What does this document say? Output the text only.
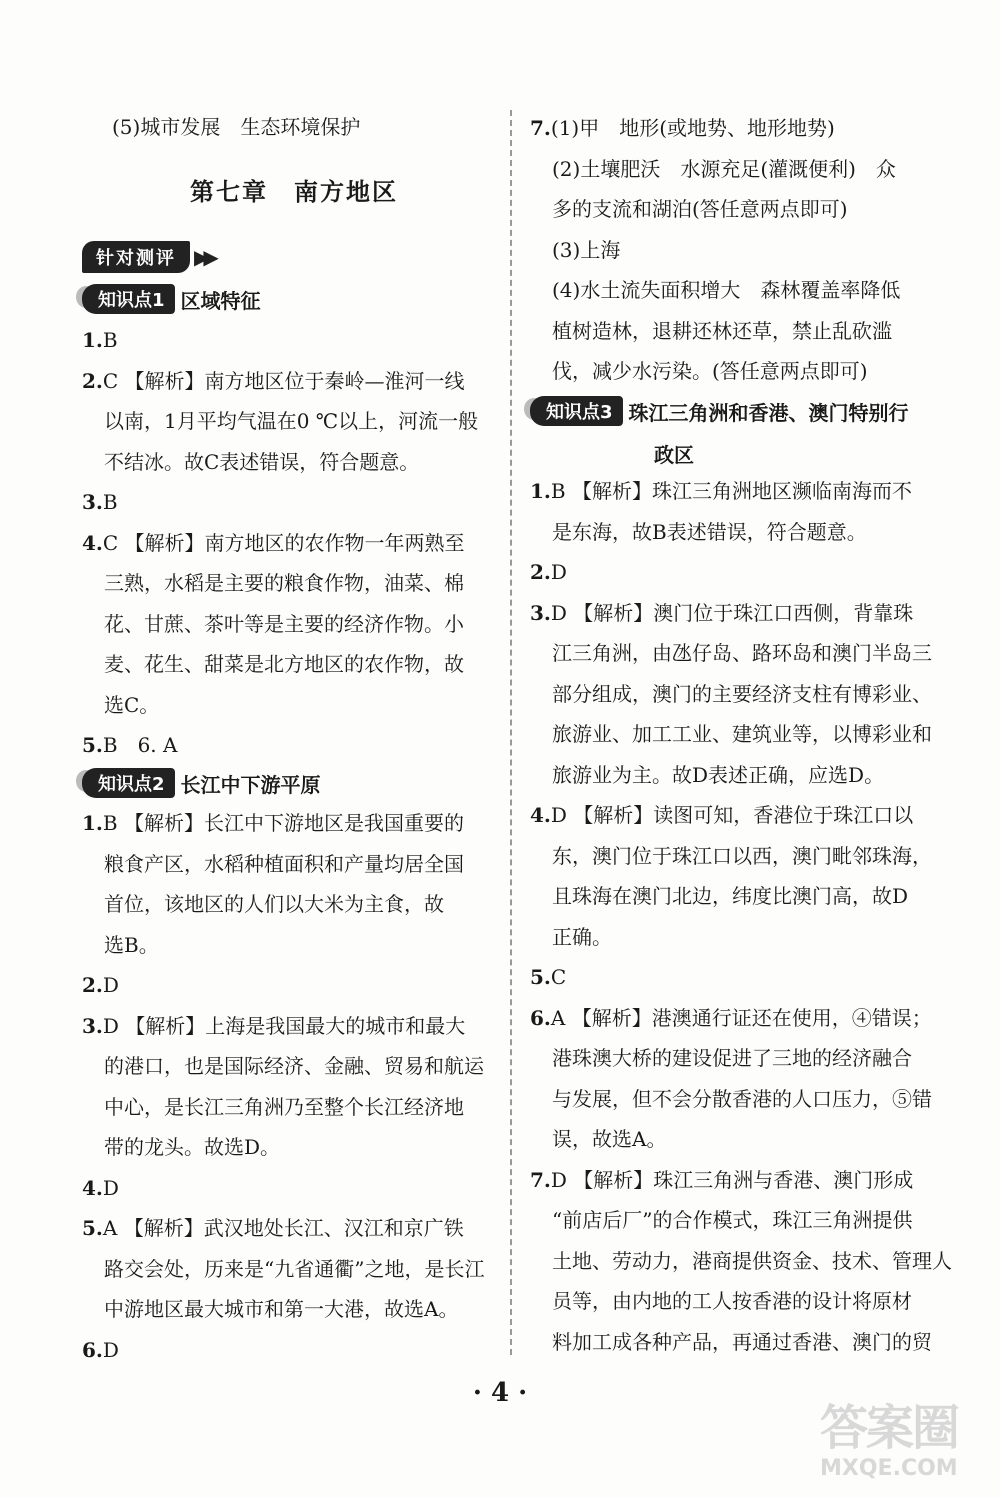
(5)城市发展　生态环境保护
第七章　南方地区
知识点1 区域特征
1.B
2.C 【解析】南方地区位于秦岭—淮河一线
以南，1月平均气温在0 ℃以上，河流一般
不结冰。故C表述错误，符合题意。
3.B
4.C 【解析】南方地区的农作物一年两熟至
三熟，水稻是主要的粮食作物，油菜、棉
花、甘蔗、茶叶等是主要的经济作物。小
麦、花生、甜菜是北方地区的农作物，故
选C。
5.B　6. A
知识点2 长江中下游平原
1.B 【解析】长江中下游地区是我国重要的
粮食产区，水稻种植面积和产量均居全国
首位，该地区的人们以大米为主食，故
选B。
2.D
3.D 【解析】上海是我国最大的城市和最大
的港口，也是国际经济、金融、贸易和航运
中心，是长江三角洲乃至整个长江经济地
带的龙头。故选D。
4.D
5.A 【解析】武汉地处长江、汉江和京广铁
路交会处，历来是“九省通衢”之地，是长江
中游地区最大城市和第一大港，故选A。
6.D
7.(1)甲　地形(或地势、地形地势)
(2)土壤肥沃　水源充足(灌溉便利)　众
多的支流和湖泊(答任意两点即可)
(3)上海
(4)水土流失面积增大　森林覆盖率降低
植树造林，退耕还林还草，禁止乱砍滥
伐，减少水污染。(答任意两点即可)
知识点3 珠江三角洲和香港、澳门特别行
政区
1.B 【解析】珠江三角洲地区濒临南海而不
是东海，故B表述错误，符合题意。
2.D
3.D 【解析】澳门位于珠江口西侧，背靠珠
江三角洲，由氹仔岛、路环岛和澳门半岛三
部分组成，澳门的主要经济支柱有博彩业、
旅游业、加工工业、建筑业等，以博彩业和
旅游业为主。故D表述正确，应选D。
4.D 【解析】读图可知，香港位于珠江口以
东，澳门位于珠江口以西，澳门毗邻珠海，
且珠海在澳门北边，纬度比澳门高，故D
正确。
5.C
6.A 【解析】港澳通行证还在使用，④错误；
港珠澳大桥的建设促进了三地的经济融合
与发展，但不会分散香港的人口压力，⑤错
误，故选A。
7.D 【解析】珠江三角洲与香港、澳门形成
“前店后厂”的合作模式，珠江三角洲提供
土地、劳动力，港商提供资金、技术、管理人
员等，由内地的工人按香港的设计将原材
料加工成各种产品，再通过香港、澳门的贸
· 4 ·
答案圈
MXQE.COM
针对测评 ▶▶
